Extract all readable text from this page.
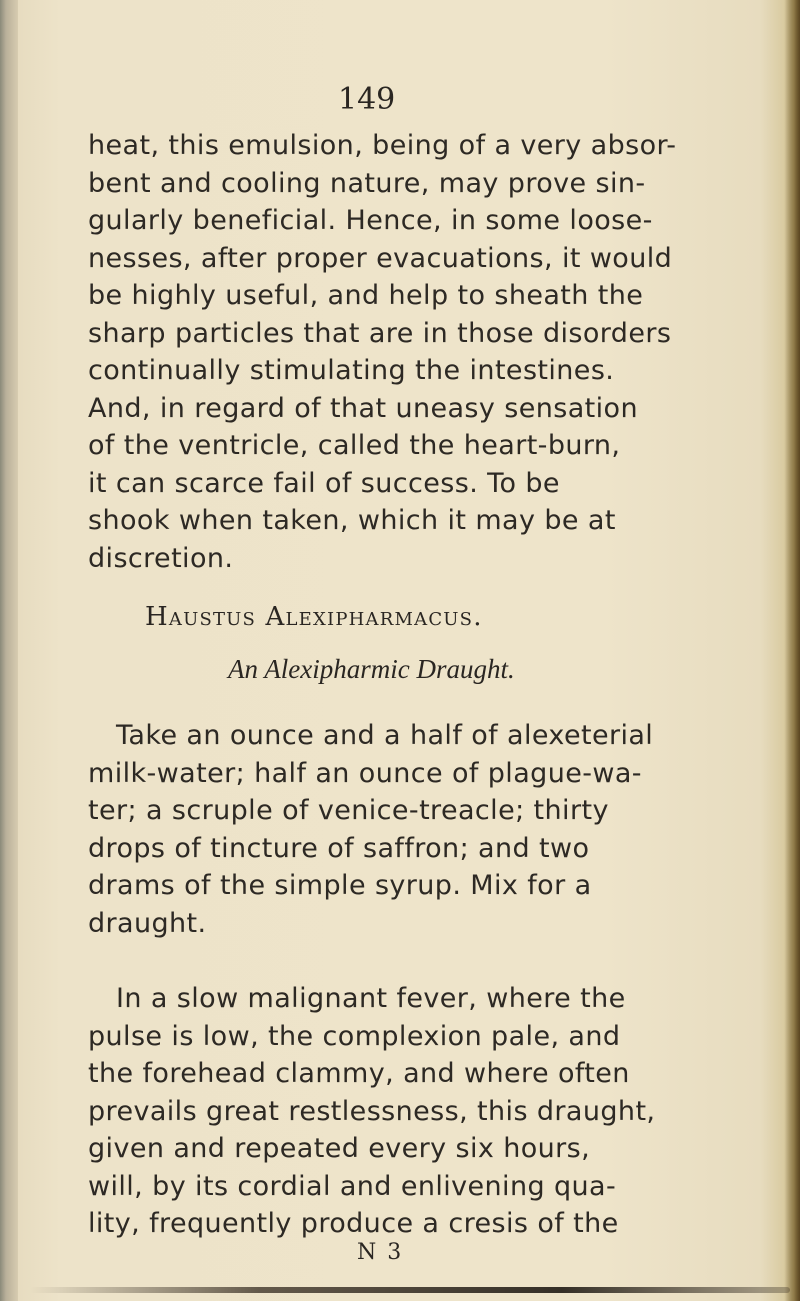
149
heat, this emulsion, being of a very absor-
bent and cooling nature, may prove sin-
gularly beneficial. Hence, in some loose-
nesses, after proper evacuations, it would
be highly useful, and help to sheath the
sharp particles that are in those disorders
continually stimulating the intestines.
And, in regard of that uneasy sensation
of the ventricle, called the heart-burn,
it can scarce fail of success. To be
shook when taken, which it may be at
discretion.
Haustus Alexipharmacus.
An Alexipharmic Draught.
Take an ounce and a half of alexeterial
milk-water; half an ounce of plague-wa-
ter; a scruple of venice-treacle; thirty
drops of tincture of saffron; and two
drams of the simple syrup. Mix for a
draught.
In a slow malignant fever, where the
pulse is low, the complexion pale, and
the forehead clammy, and where often
prevails great restlessness, this draught,
given and repeated every six hours,
will, by its cordial and enlivening qua-
lity, frequently produce a cresis of the
N 3
